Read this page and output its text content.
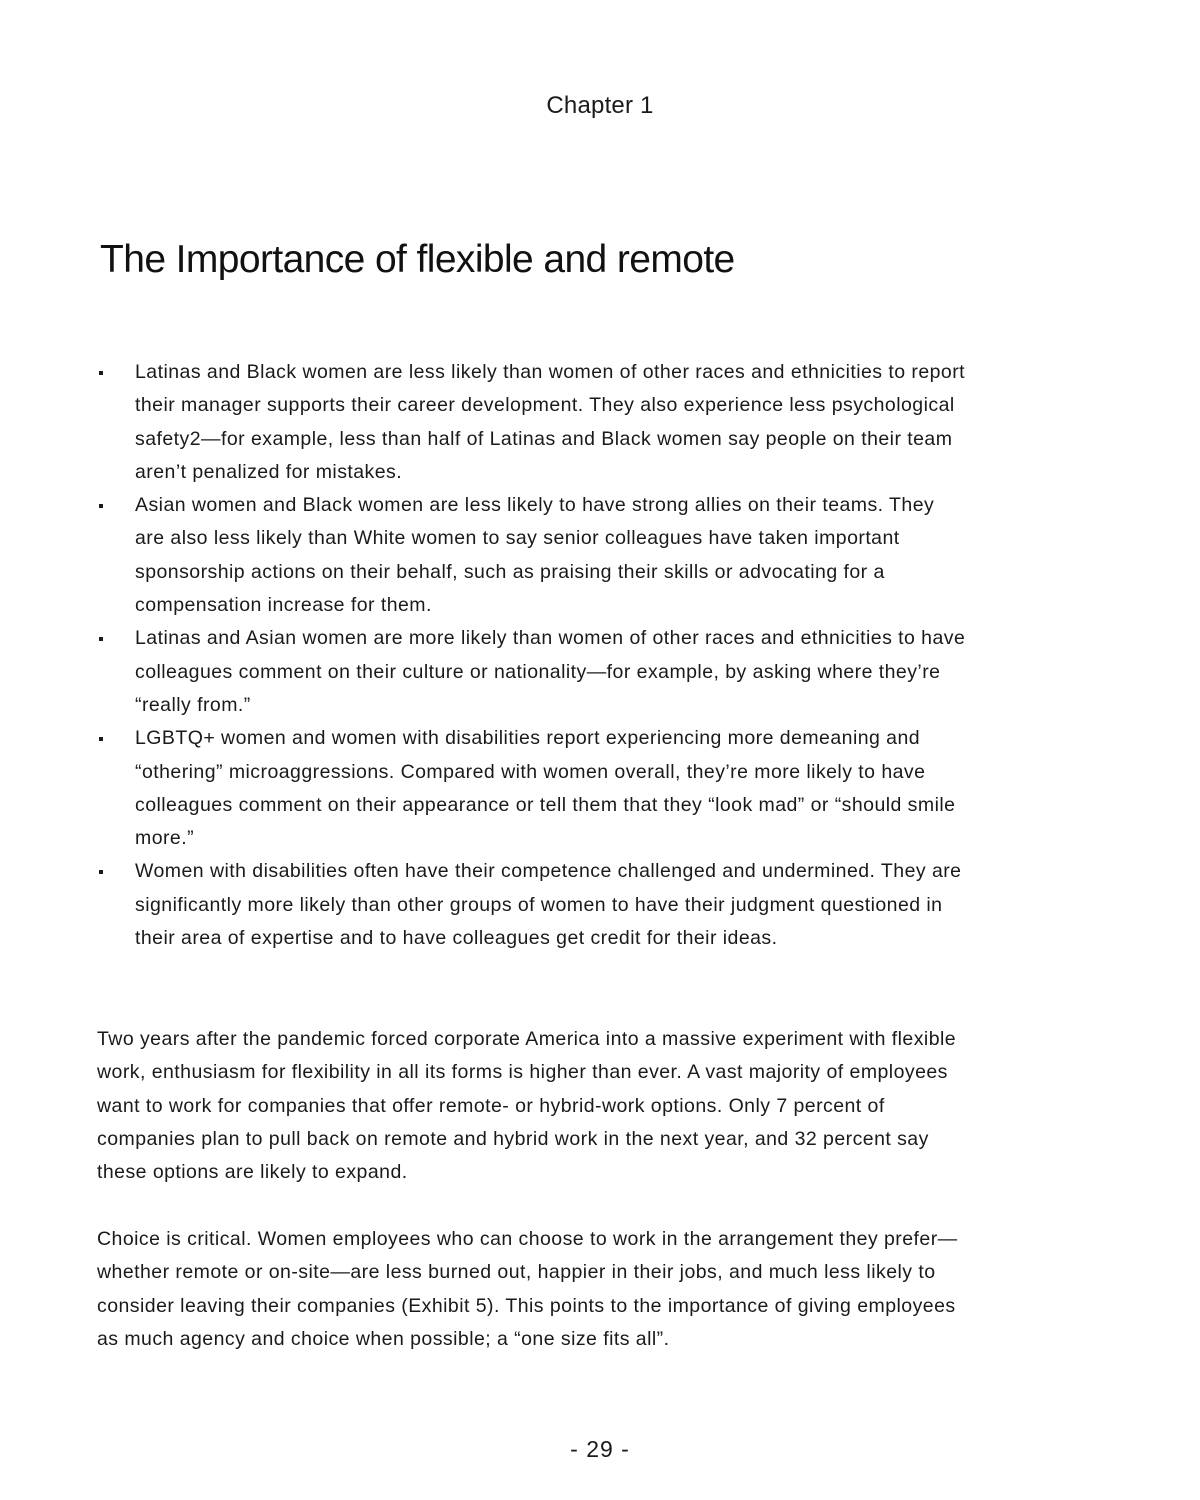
Chapter 1
The Importance of flexible and remote
Latinas and Black women are less likely than women of other races and ethnicities to report their manager supports their career development. They also experience less psychological safety2—for example, less than half of Latinas and Black women say people on their team aren’t penalized for mistakes.
Asian women and Black women are less likely to have strong allies on their teams. They are also less likely than White women to say senior colleagues have taken important sponsorship actions on their behalf, such as praising their skills or advocating for a compensation increase for them.
Latinas and Asian women are more likely than women of other races and ethnicities to have colleagues comment on their culture or nationality—for example, by asking where they’re “really from.”
LGBTQ+ women and women with disabilities report experiencing more demeaning and “othering” microaggressions. Compared with women overall, they’re more likely to have colleagues comment on their appearance or tell them that they “look mad” or “should smile more.”
Women with disabilities often have their competence challenged and undermined. They are significantly more likely than other groups of women to have their judgment questioned in their area of expertise and to have colleagues get credit for their ideas.

Two years after the pandemic forced corporate America into a massive experiment with flexible work, enthusiasm for flexibility in all its forms is higher than ever. A vast majority of employees want to work for companies that offer remote- or hybrid-work options. Only 7 percent of companies plan to pull back on remote and hybrid work in the next year, and 32 percent say these options are likely to expand.

Choice is critical. Women employees who can choose to work in the arrangement they prefer—whether remote or on-site—are less burned out, happier in their jobs, and much less likely to consider leaving their companies (Exhibit 5). This points to the importance of giving employees as much agency and choice when possible; a “one size fits all”.

- 29 -
